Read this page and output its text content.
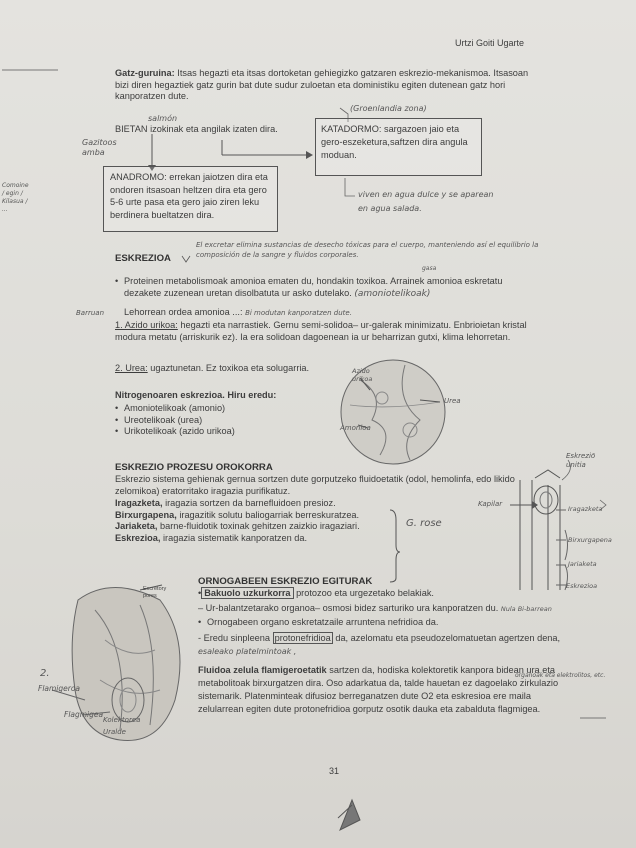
Urtzi Goiti Ugarte
Gatz-guruina: Itsas hegazti eta itsas dortoketan gehiegizko gatzaren eskrezio-mekanismoa. Itsasoan bizi diren hegaztiek gatz gurin bat dute sudur zuloetan eta doministiku egiten dutenean gatz hori kanporatzen dute.
salmón
BIETAN izokinak eta angilak izaten dira.
Gazitoos amba
(Groenlandia zona)
KATADORMO: sargazoen jaio eta gero-eszeketura,saftzen dira angula moduan.
viven en agua dulce y se aparean
en agua salada.
ANADROMO: errekan jaiotzen dira eta ondoren itsasoan heltzen dira eta gero 5-6 urte pasa eta gero jaio ziren leku berdinera bueltatzen dira.
Comoine / egin / Kilasua / ...
ESKREZIOA
El excretar elimina sustancias de desecho tóxicas para el cuerpo, manteniendo así el equilibrio la composición de la sangre y fluidos corporales.
gasa
• Proteinen metabolismoak amonioa ematen du, hondakin toxikoa. Arrainek amonioa eskretatu dezakete zuzenean uretan disolbatuta ur asko dutelako. (amoniotelikoak)
Barruan Lehorrean ordea amonioa ...: Bi modutan kanporatzen dute.
1. Azido urikoa: hegazti eta narrastiek. Gernu semi-solidoa– ur-galerak minimizatu. Enbrioietan kristal modura metatu (arriskurik ez). Ia era solidoan dagoenean ia ur beharrizan gutxi, klima lehorretan.
2. Urea: ugaztunetan. Ez toxikoa eta solugarria.
Nitrogenoaren eskrezioa. Hiru eredu:
• Amoniotelikoak (amonio)
• Ureotelikoak (urea)
• Urikotelikoak (azido urikoa)
Azido urikoa
Urea
Amonioa
ESKREZIO PROZESU OROKORRA
Eskrezio sistema gehienak gernua sortzen dute gorputzeko fluidoetatik (odol, hemolinfa, edo likido zelomikoa) eratorritako iragazia purifikatuz.
Iragazketa, iragazia sortzen da barnefluidoen presioz.
Birxurgapena, iragazitik solutu baliogarriak berreskuratzea.
Jariaketa, barne-fluidotik toxinak gehitzen zaizkio iragaziari.
Eskrezioa, iragazia sistematik kanporatzen da.
G. rose
Eskreziō unitia
Kapilar
Iragazketa
Birxurgapena
Jariaketa
Eskrezioa
ORNOGABEEN ESKREZIO EGITURAK
• Bakuolo uzkurkorra protozoo eta urgezetako belakiak.
– Ur-balantzetarako organoa– osmosi bidez sarturiko ura kanporatzen du. Nula Bi-barrean
• Ornogabeen organo eskretatzaile arruntena nefridioa da.
- Eredu sinpleena protonefridioa da, azelomatu eta pseudozelomatuetan agertzen dena, esaleako platelmintoak ,
organoak eta elektrolitos, etc.
Fluidoa zelula flamigeroetatik sartzen da, hodiska kolektoretik kanpora bidean ura eta metabolitoak birxurgatzen dira. Oso adarkatua da, talde hauetan ez dagoelako zirkulazio sistemarik. Platenminteak difusioz berreganatzen dute O2 eta eskresioa ere maila zelularrean egiten dute protonefridioa gorputz osotik dauka eta zabalduta flagmigea.
Excretory pores
2.
Flamigeroa
Flagmigea
Kolektorea
Uralde
31
